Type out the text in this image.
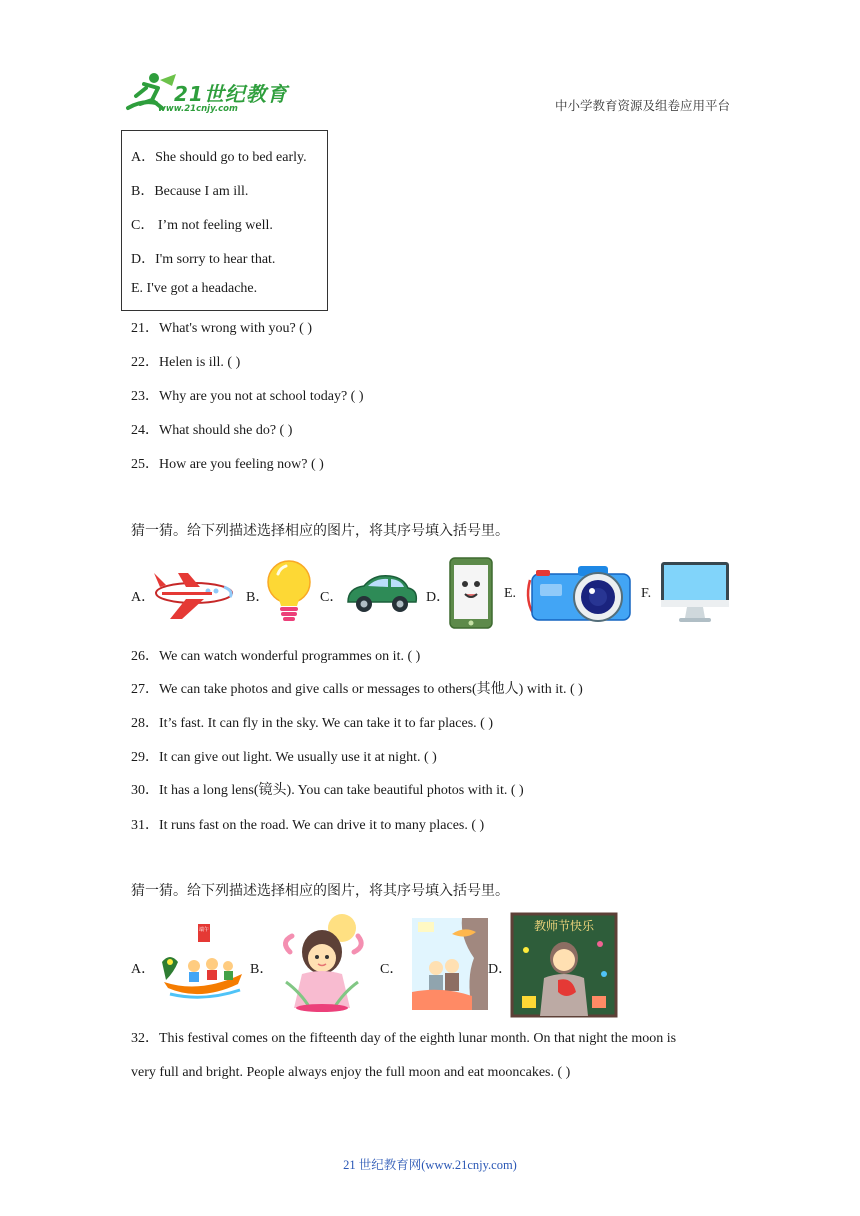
21世纪教育
www.21cnjy.com	中小学教育资源及组卷应用平台
A．She should go to bed early.
B．Because I am ill.
C． I’m not feeling well.
D．I'm sorry to hear that.
E. I've got a headache.
21．What's wrong with you? ( )
22．Helen is ill. ( )
23．Why are you not at school today? ( )
24．What should she do? ( )
25．How are you feeling now? ( )
猜一猜。给下列描述选择相应的图片，将其序号填入括号里。
A．	B．	C．	D．	E.	F.
26．We can watch wonderful programmes on it. ( )
27．We can take photos and give calls or messages to others(其他人) with it. ( )
28．It’s fast. It can fly in the sky. We can take it to far places. ( )
29．It can give out light. We usually use it at night. ( )
30．It has a long lens(镜头). You can take beautiful photos with it. ( )
31．It runs fast on the road. We can drive it to many places. ( )
猜一猜。给下列描述选择相应的图片，将其序号填入括号里。
A．
端午
B．	C．	D．
教师节快乐
32．This festival comes on the fifteenth day of the eighth lunar month. On that night the moon is
very full and bright. People always enjoy the full moon and eat mooncakes. ( )
21 世纪教育网(www.21cnjy.com)
